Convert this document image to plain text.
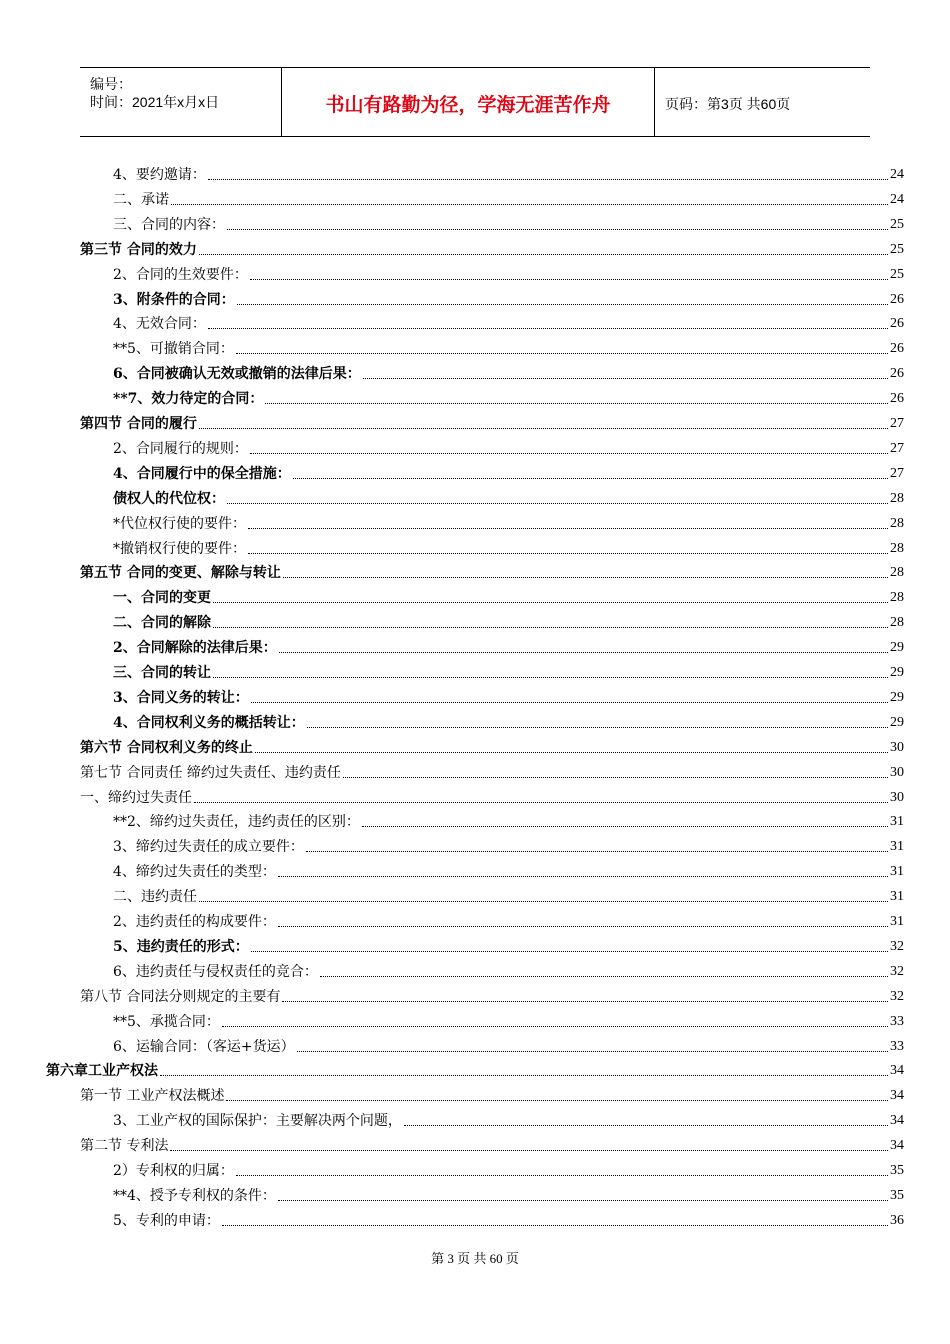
编号：
时间：2021年x月x日	书山有路勤为径，学海无涯苦作舟	页码：第3页 共60页
4、要约邀请：	24
二、承诺	24
三、合同的内容：	25
第三节 合同的效力	25
2、合同的生效要件：	25
3、附条件的合同：	26
4、无效合同：	26
**5、可撤销合同：	26
6、合同被确认无效或撤销的法律后果：	26
**7、效力待定的合同：	26
第四节 合同的履行	27
2、合同履行的规则：	27
4、合同履行中的保全措施：	27
债权人的代位权：	28
*代位权行使的要件：	28
*撤销权行使的要件：	28
第五节 合同的变更、解除与转让	28
一、合同的变更	28
二、合同的解除	28
2、合同解除的法律后果：	29
三、合同的转让	29
3、合同义务的转让：	29
4、合同权利义务的概括转让：	29
第六节 合同权利义务的终止	30
第七节 合同责任 缔约过失责任、违约责任	30
一、缔约过失责任	30
**2、缔约过失责任，违约责任的区别：	31
3、缔约过失责任的成立要件：	31
4、缔约过失责任的类型：	31
二、违约责任	31
2、违约责任的构成要件：	31
5、违约责任的形式：	32
6、违约责任与侵权责任的竞合：	32
第八节 合同法分则规定的主要有	32
**5、承揽合同：	33
6、运输合同：（客运+货运）	33
第六章工业产权法	34
第一节 工业产权法概述	34
3、工业产权的国际保护：主要解决两个问题，	34
第二节 专利法	34
2）专利权的归属：	35
**4、授予专利权的条件：	35
5、专利的申请：	36
第 3 页 共 60 页
